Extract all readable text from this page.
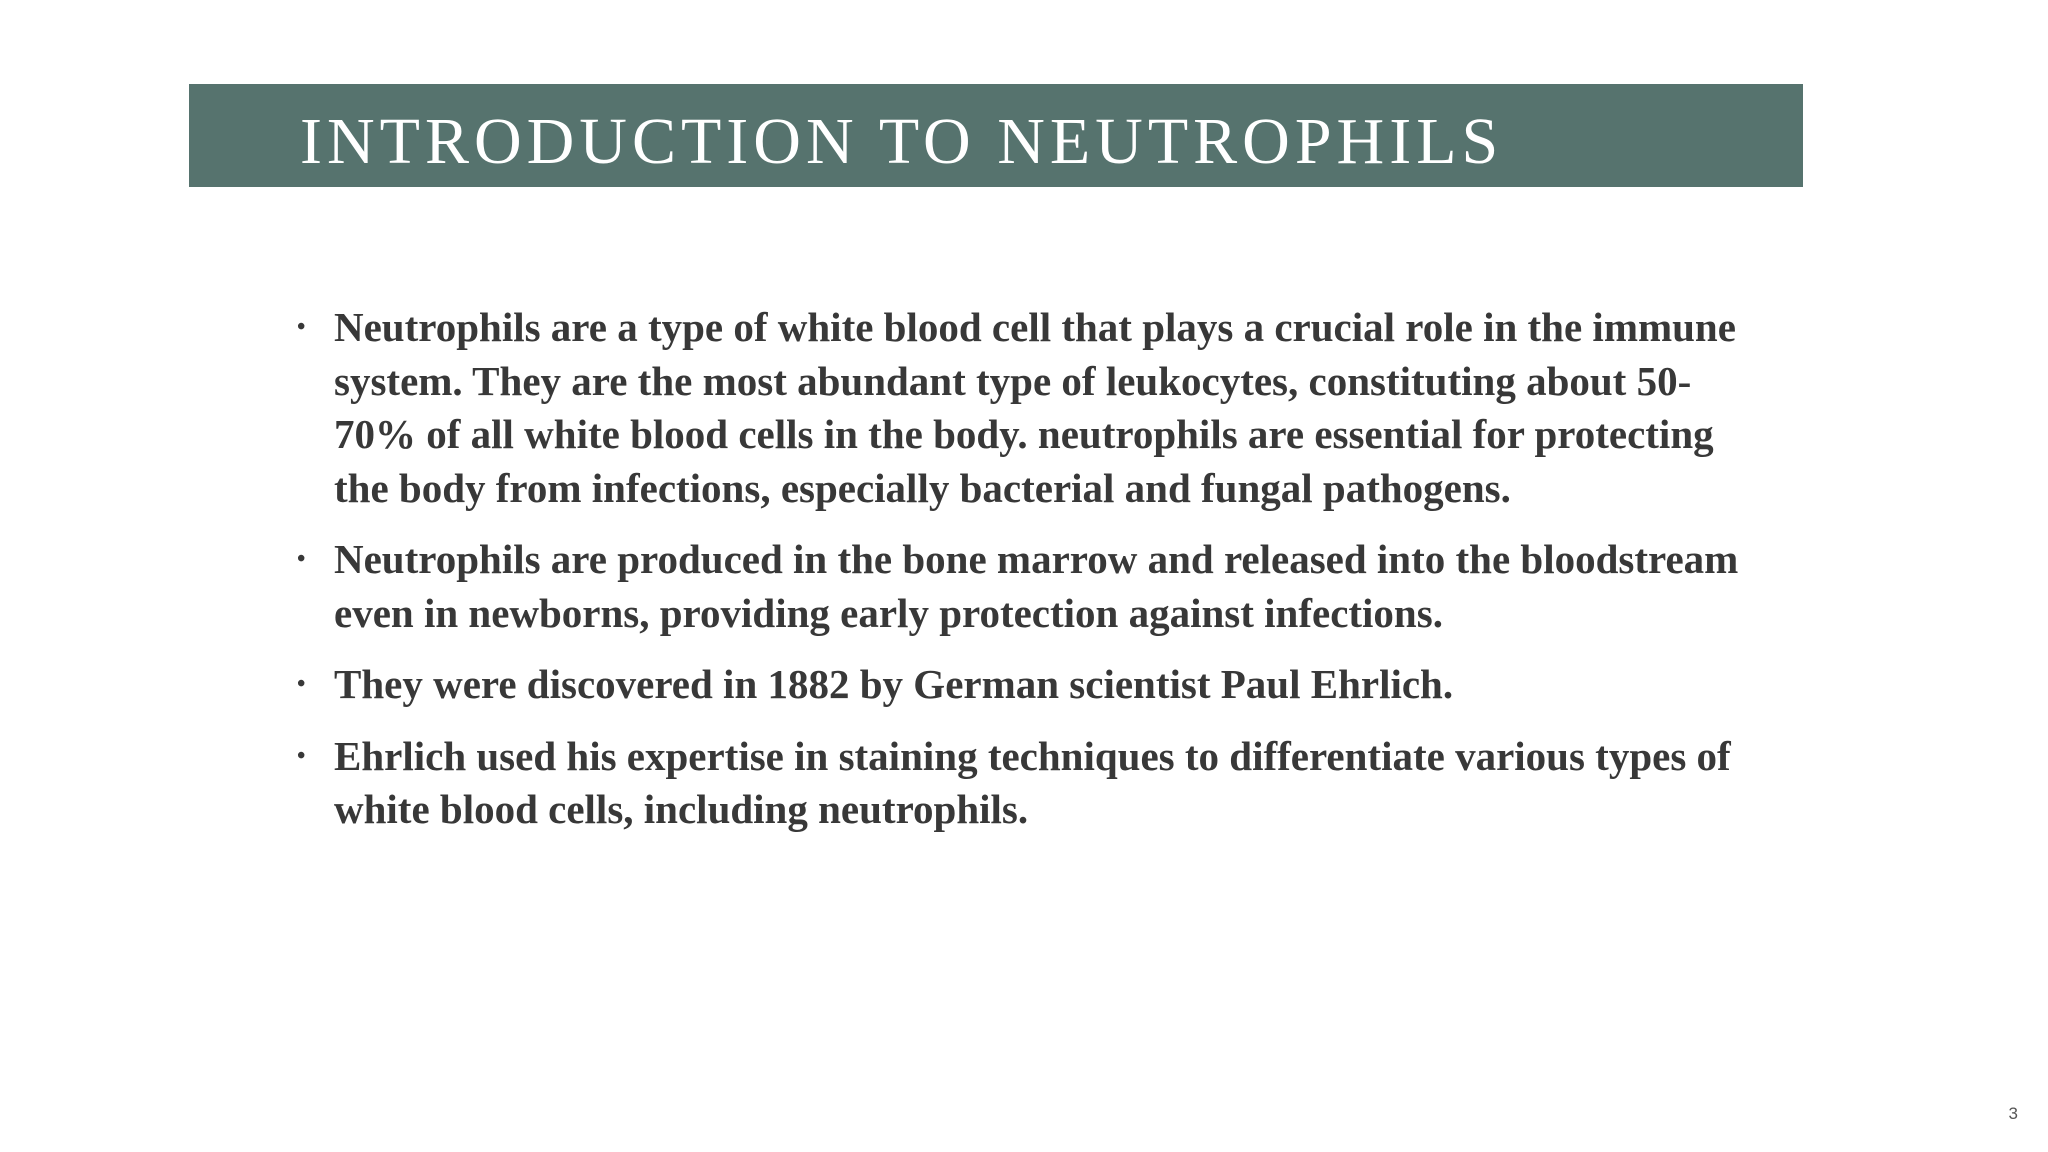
INTRODUCTION TO NEUTROPHILS
• Neutrophils are a type of white blood cell that plays a crucial role in the immune system. They are the most abundant type of leukocytes, constituting about 50-70% of all white blood cells in the body. neutrophils are essential for protecting the body from infections, especially bacterial and fungal pathogens.
• Neutrophils are produced in the bone marrow and released into the bloodstream even in newborns, providing early protection against infections.
• They were discovered in 1882 by German scientist Paul Ehrlich.
• Ehrlich used his expertise in staining techniques to differentiate various types of white blood cells, including neutrophils.
3
